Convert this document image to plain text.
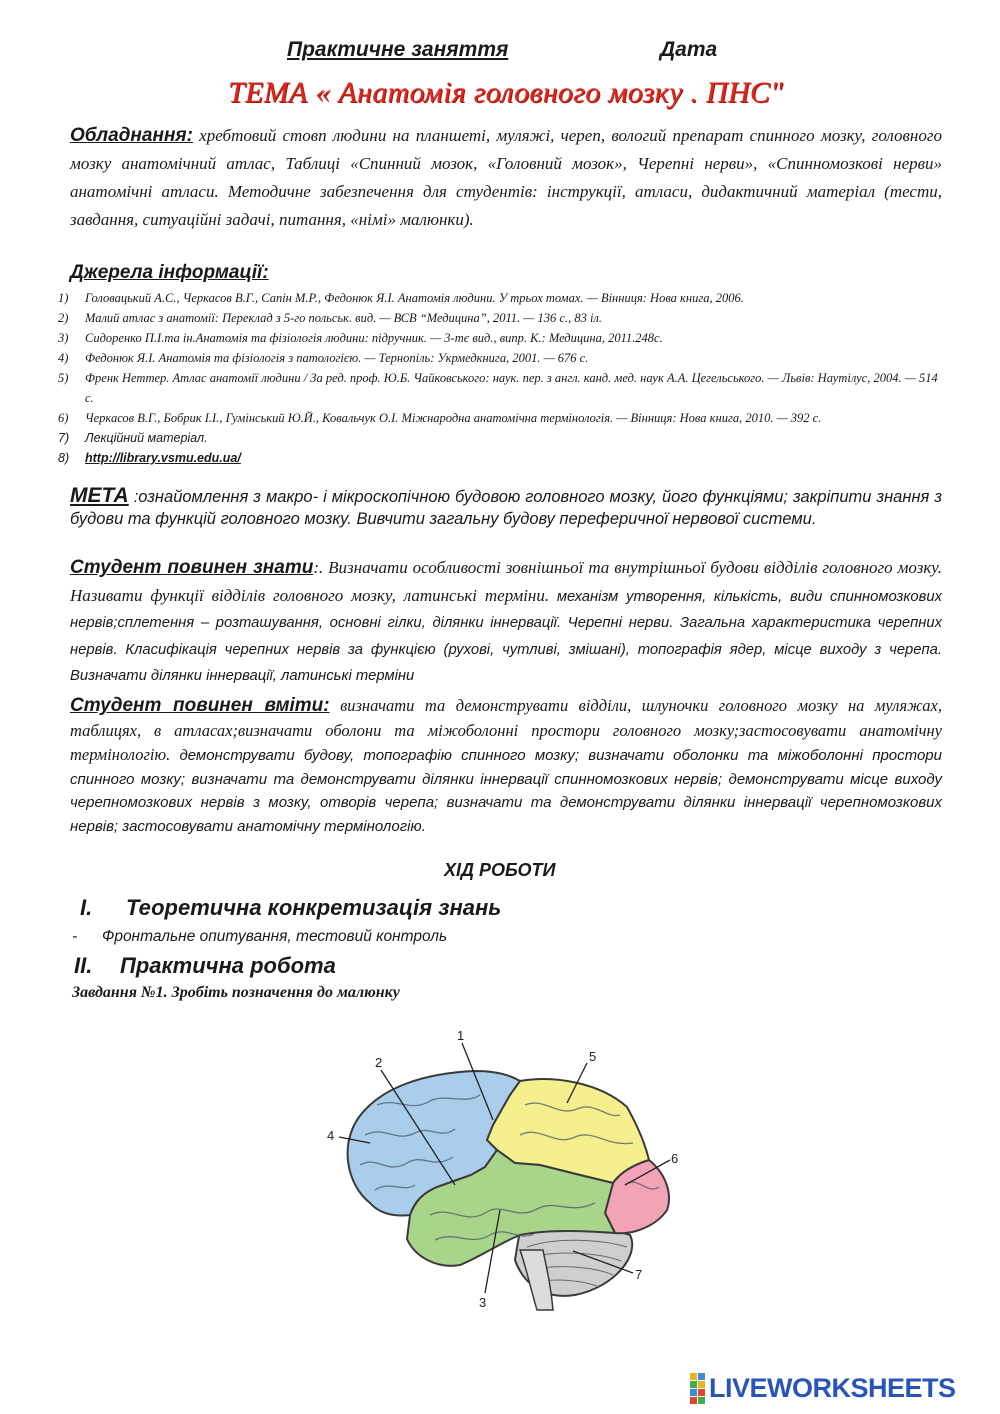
Практичне заняття	Дата
ТЕМА « Анатомія головного мозку . ПНС"
Обладнання: хребтовий стовп людини на планшеті, муляжі, череп, вологий препарат спинного мозку, головного мозку анатомічний атлас, Таблиці «Спинний мозок, «Головний мозок», Черепні нерви», «Спинномозкові нерви» анатомічні атласи. Методичне забезпечення для студентів: інструкції, атласи, дидактичний матеріал (тести, завдання, ситуаційні задачі, питання, «німі» малюнки).
Джерела інформації:
1) Головацький А.С., Черкасов В.Г., Сапін М.Р., Федонюк Я.І. Анатомія людини. У трьох томах. — Вінниця: Нова книга, 2006.
2) Малий атлас з анатомії: Переклад з 5-го польськ. вид. — ВСВ “Медицина”, 2011. — 136 с., 83 іл.
3) Сидоренко П.І.та ін.Анатомія та фізіологія людини: підручник. — 3-тє вид., випр. К.: Медицина, 2011.248с.
4) Федонюк Я.І. Анатомія та фізіологія з патологією. — Тернопіль: Укрмедкнига, 2001. — 676 с.
5) Френк Неттер. Атлас анатомії людини / За ред. проф. Ю.Б. Чайковського: наук. пер. з англ. канд. мед. наук А.А. Цегельського. — Львів: Наутілус, 2004. — 514 с.
6) Черкасов В.Г., Бобрик І.І., Гумінський Ю.Й., Ковальчук О.І. Міжнародна анатомічна термінологія. — Вінниця: Нова книга, 2010. — 392 с.
7) Лекційний матеріал.
8) http://library.vsmu.edu.ua/
МЕТА :ознайомлення з макро- і мікроскопічною будовою головного мозку, його функціями; закріпити знання з будови та функцій головного мозку. Вивчити загальну будову переферичної нервової системи.
Студент повинен знати:. Визначати особливості зовнішньої та внутрішньої будови відділів головного мозку. Називати функції відділів головного мозку, латинські терміни. механізм утворення, кількість, види спинномозкових нервів;сплетення – розташування, основні гілки, ділянки іннервації. Черепні нерви. Загальна характеристика черепних нервів. Класифікація черепних нервів за функцією (рухові, чутливі, змішані), топографія ядер, місце виходу з черепа. Визначати ділянки іннервації, латинські терміни
Студент повинен вміти: визначати та демонструвати відділи, шлуночки головного мозку на муляжах, таблицях, в атласах;визначати оболони та міжоболонні простори головного мозку;застосовувати анатомічну термінологію. демонструвати будову, топографію спинного мозку; визначати оболонки та міжоболонні простори спинного мозку; визначати та демонструвати ділянки іннервації спинномозкових нервів; демонструвати місце виходу черепномозкових нервів з мозку, отворів черепа; визначати та демонструвати ділянки іннервації черепномозкових нервів; застосовувати анатомічну термінологію.
ХІД РОБОТИ
I. Теоретична конкретизація знань
- Фронтальне опитування, тестовий контроль
II. Практична робота
Завдання №1. Зробіть позначення до малюнку
1
2
3
4
5
6
7
LIVEWORKSHEETS
